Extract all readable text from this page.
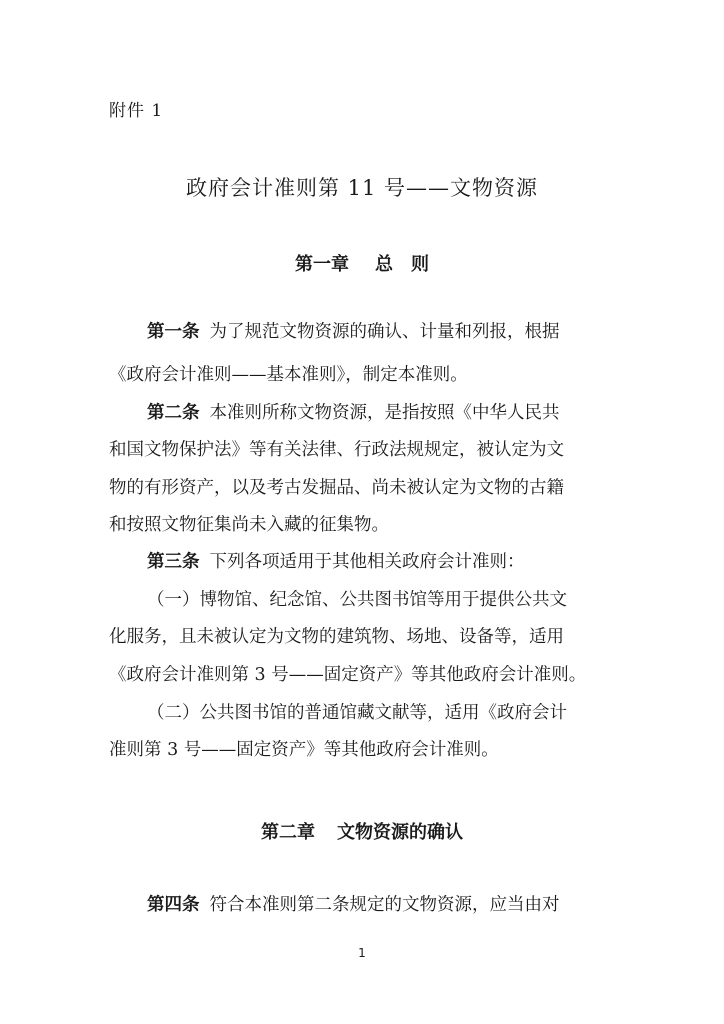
附件 1
政府会计准则第 11 号——文物资源
第一章 总　则
第一条 为了规范文物资源的确认、计量和列报，根据
《政府会计准则——基本准则》，制定本准则。
第二条 本准则所称文物资源，是指按照《中华人民共
和国文物保护法》等有关法律、行政法规规定，被认定为文
物的有形资产，以及考古发掘品、尚未被认定为文物的古籍
和按照文物征集尚未入藏的征集物。
第三条 下列各项适用于其他相关政府会计准则：
（一）博物馆、纪念馆、公共图书馆等用于提供公共文
化服务，且未被认定为文物的建筑物、场地、设备等，适用
《政府会计准则第 3 号——固定资产》等其他政府会计准则。
（二）公共图书馆的普通馆藏文献等，适用《政府会计
准则第 3 号——固定资产》等其他政府会计准则。
第二章 文物资源的确认
第四条 符合本准则第二条规定的文物资源，应当由对
1
